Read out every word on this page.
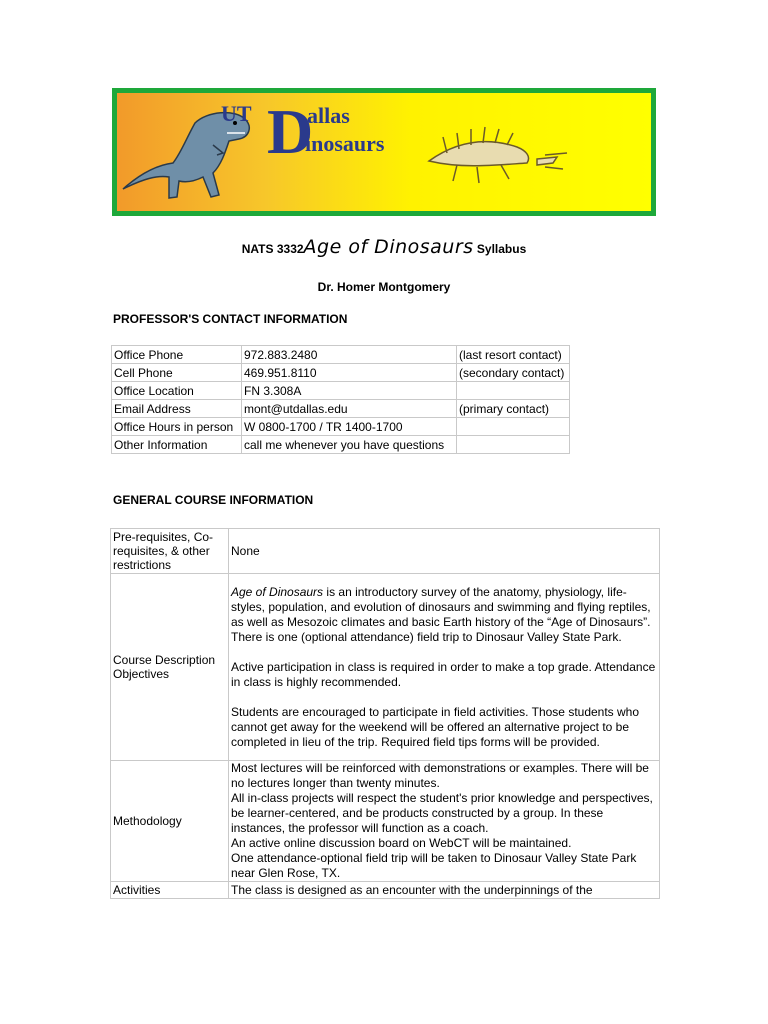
UT D
allas
inosaurs
NATS 3332Age of Dinosaurs Syllabus
Dr. Homer Montgomery
PROFESSOR'S CONTACT INFORMATION
Office Phone	972.883.2480	(last resort contact)
Cell Phone	469.951.8110	(secondary contact)
Office Location	FN 3.308A	
Email Address	mont@utdallas.edu	(primary contact)
Office Hours in person	W 0800-1700 / TR 1400-1700	
Other Information	call me whenever you have questions	
GENERAL COURSE INFORMATION
Pre-requisites, Co-requisites, & other restrictions	None
Course Description Objectives	Age of Dinosaurs is an introductory survey of the anatomy, physiology, life-styles, population, and evolution of dinosaurs and swimming and flying reptiles, as well as Mesozoic climates and basic Earth history of the “Age of Dinosaurs”. There is one (optional attendance) field trip to Dinosaur Valley State Park.

Active participation in class is required in order to make a top grade. Attendance in class is highly recommended.

Students are encouraged to participate in field activities. Those students who cannot get away for the weekend will be offered an alternative project to be completed in lieu of the trip. Required field tips forms will be provided.

Methodology	Most lectures will be reinforced with demonstrations or examples. There will be no lectures longer than twenty minutes.

All in-class projects will respect the student's prior knowledge and perspectives, be learner-centered, and be products constructed by a group. In these instances, the professor will function as a coach.

An active online discussion board on WebCT will be maintained.

One attendance-optional field trip will be taken to Dinosaur Valley State Park near Glen Rose, TX.

Activities	The class is designed as an encounter with the underpinnings of the
